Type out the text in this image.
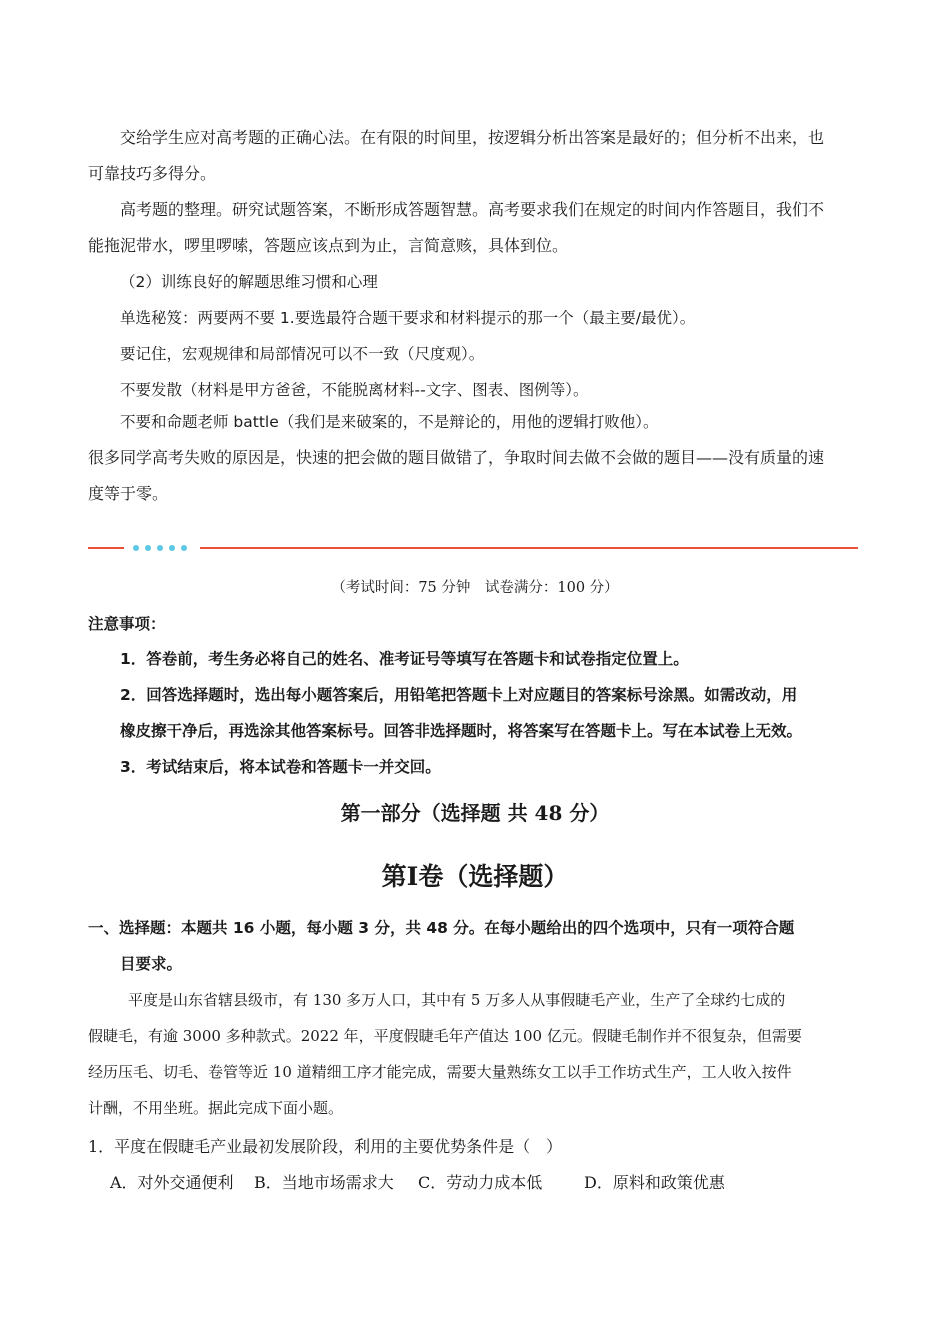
交给学生应对高考题的正确心法。在有限的时间里，按逻辑分析出答案是最好的；但分析不出来，也
可靠技巧多得分。
高考题的整理。研究试题答案，不断形成答题智慧。高考要求我们在规定的时间内作答题目，我们不
能拖泥带水，啰里啰嗦，答题应该点到为止，言简意赅，具体到位。
（2）训练良好的解题思维习惯和心理
单选秘笈：两要两不要 1.要选最符合题干要求和材料提示的那一个（最主要/最优）。
要记住，宏观规律和局部情况可以不一致（尺度观）。
不要发散（材料是甲方爸爸，不能脱离材料--文字、图表、图例等）。
不要和命题老师 battle（我们是来破案的，不是辩论的，用他的逻辑打败他）。
很多同学高考失败的原因是，快速的把会做的题目做错了，争取时间去做不会做的题目——没有质量的速
度等于零。
（考试时间：75 分钟　试卷满分：100 分）
注意事项：
1．答卷前，考生务必将自己的姓名、准考证号等填写在答题卡和试卷指定位置上。
2．回答选择题时，选出每小题答案后，用铅笔把答题卡上对应题目的答案标号涂黑。如需改动，用
橡皮擦干净后，再选涂其他答案标号。回答非选择题时，将答案写在答题卡上。写在本试卷上无效。
3．考试结束后，将本试卷和答题卡一并交回。
第一部分（选择题 共 48 分）
第Ⅰ卷（选择题）
一、选择题：本题共 16 小题，每小题 3 分，共 48 分。在每小题给出的四个选项中，只有一项符合题
目要求。
平度是山东省辖县级市，有 130 多万人口，其中有 5 万多人从事假睫毛产业，生产了全球约七成的
假睫毛，有逾 3000 多种款式。2022 年，平度假睫毛年产值达 100 亿元。假睫毛制作并不很复杂，但需要
经历压毛、切毛、卷管等近 10 道精细工序才能完成，需要大量熟练女工以手工作坊式生产，工人收入按件
计酬，不用坐班。据此完成下面小题。
1．平度在假睫毛产业最初发展阶段，利用的主要优势条件是（　）
A．对外交通便利 B．当地市场需求大 C．劳动力成本低	D．原料和政策优惠
